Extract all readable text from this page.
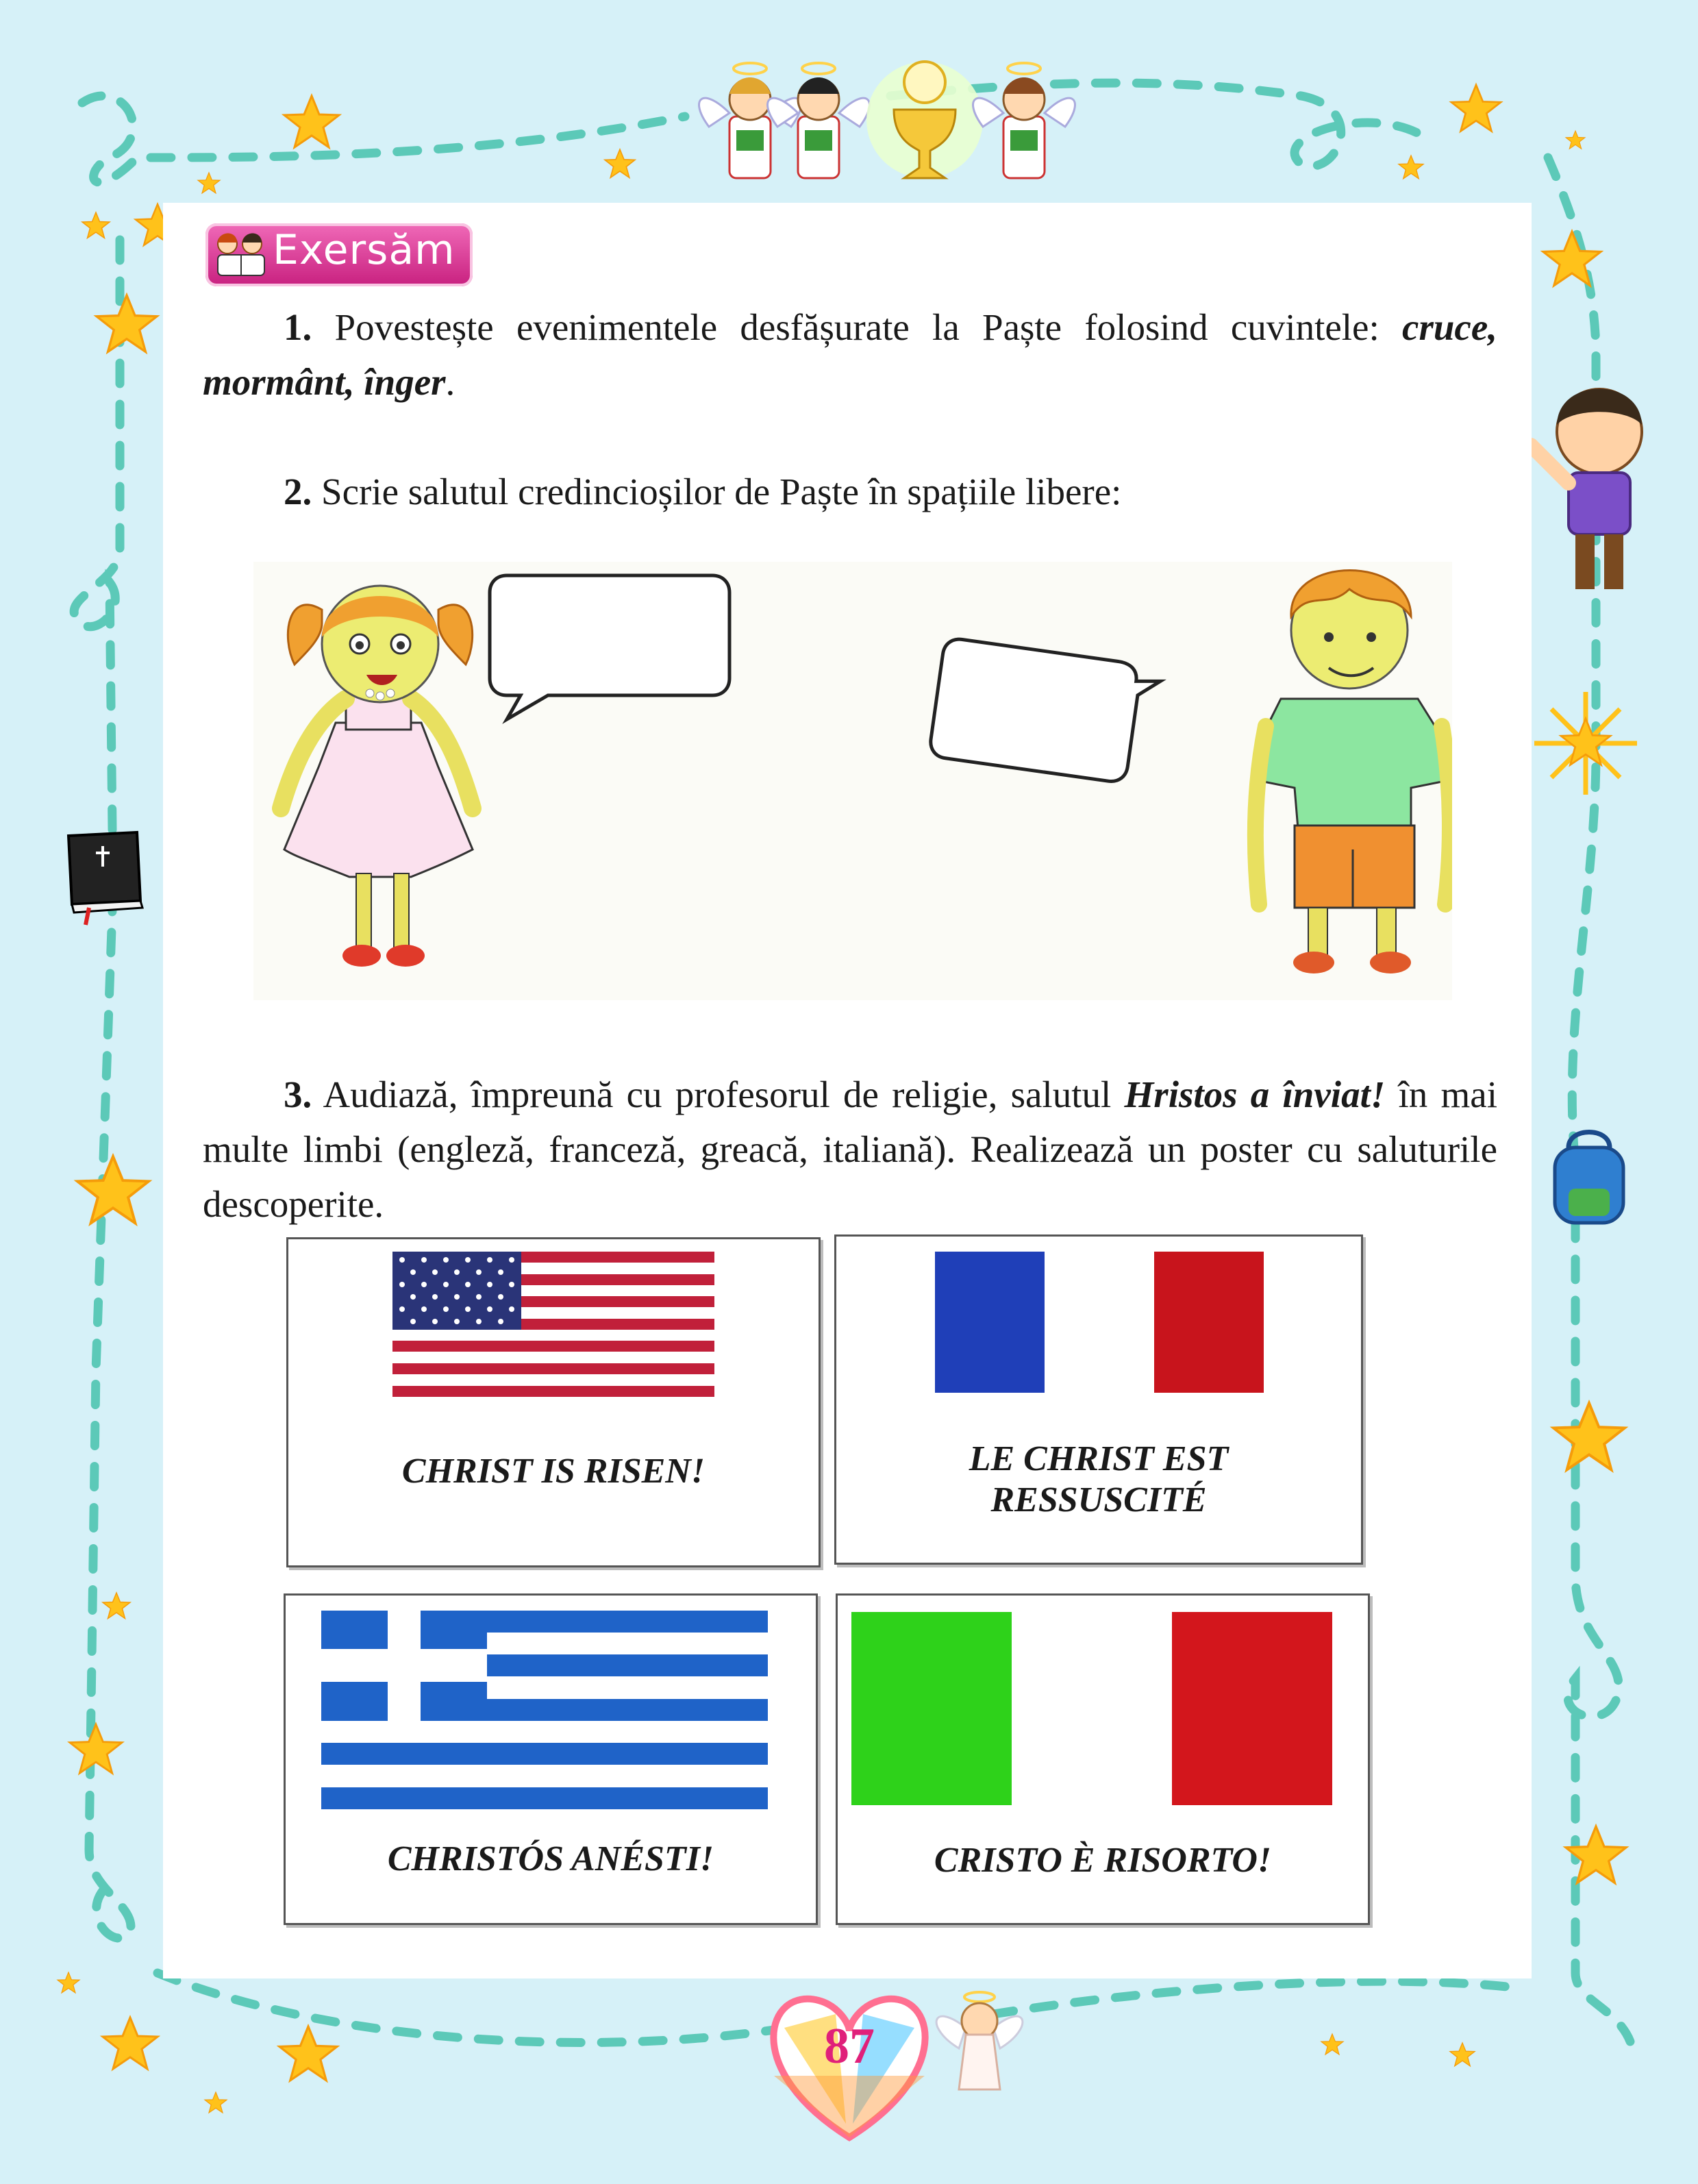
Exersăm
1. Povestește evenimentele desfășurate la Paște folosind cuvintele: cruce, mormânt, înger.
2. Scrie salutul credincioșilor de Paște în spațiile libere:
3. Audiază, împreună cu profesorul de religie, salutul Hristos a înviat! în mai multe limbi (engleză, franceză, greacă, italiană). Realizează un poster cu saluturile descoperite.
CHRIST IS RISEN!	LE CHRIST EST
RESSUSCITÉ
CHRISTÓS ANÉSTI!	CRISTO È RISORTO!
87
